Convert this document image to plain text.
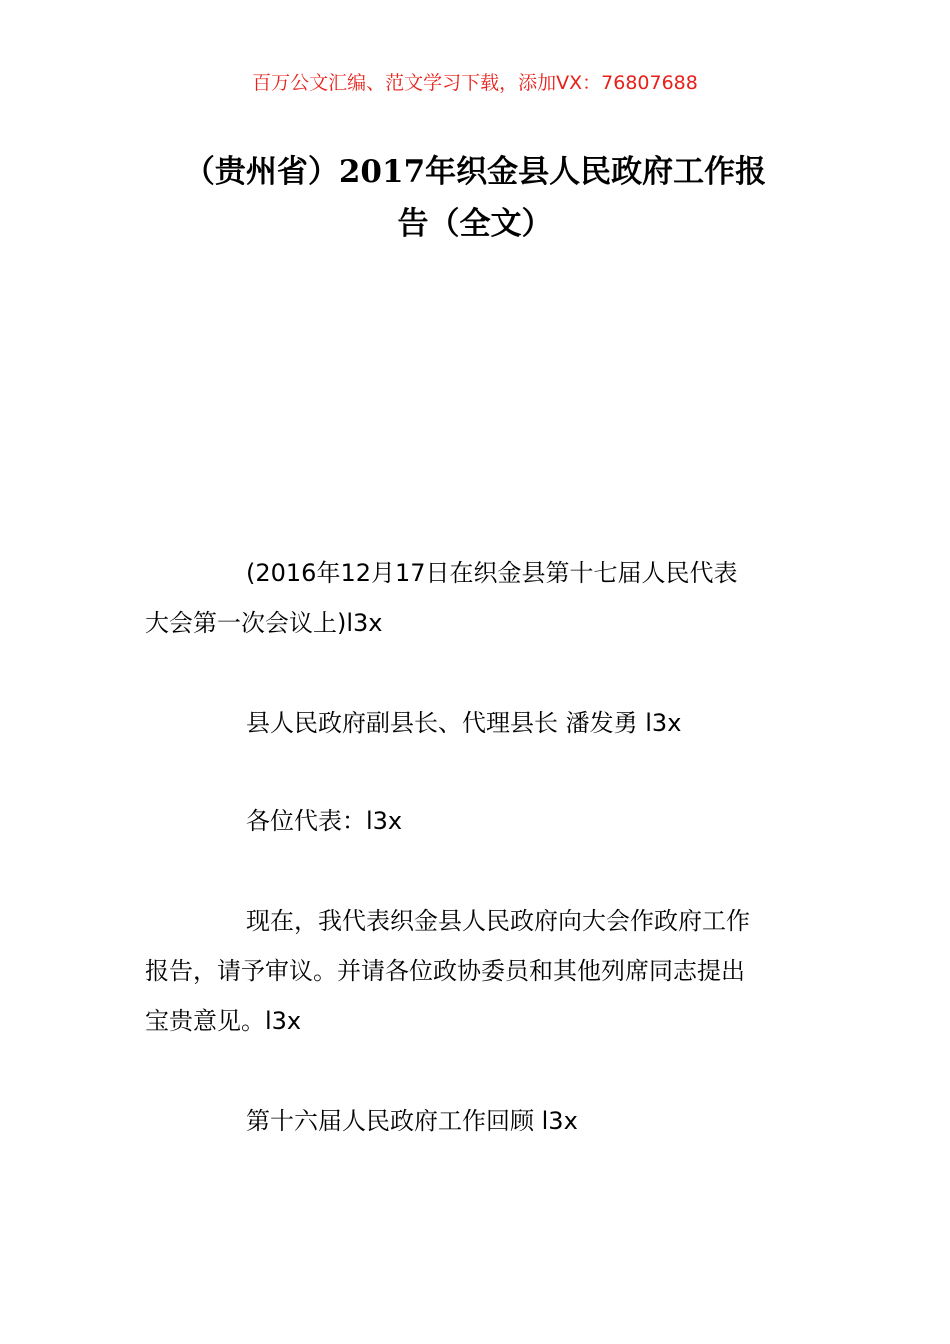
百万公文汇编、范文学习下载，添加VX：76807688
（贵州省）2017年织金县人民政府工作报
告（全文）
(2016年12月17日在织金县第十七届人民代表
大会第一次会议上)l3x
县人民政府副县长、代理县长 潘发勇 l3x
各位代表：l3x
现在，我代表织金县人民政府向大会作政府工作
报告，请予审议。并请各位政协委员和其他列席同志提出
宝贵意见。l3x
第十六届人民政府工作回顾 l3x
